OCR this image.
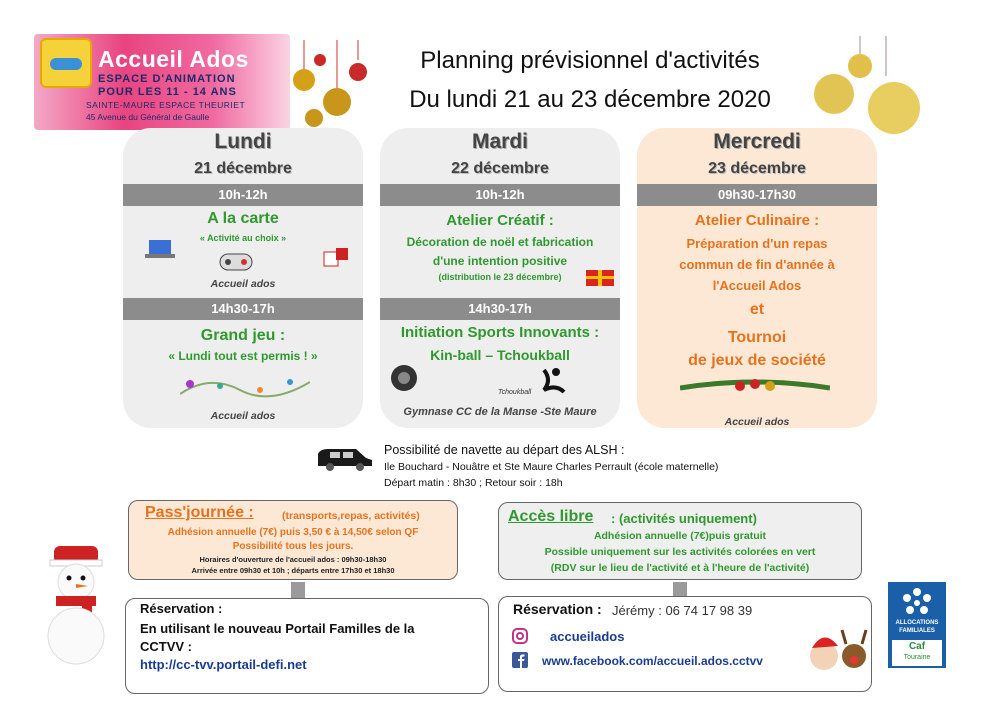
Accueil Ados
ESPACE D'ANIMATION
POUR LES 11 - 14 ANS
SAINTE-MAURE ESPACE THEURIET
45 Avenue du Général de Gaulle
Planning prévisionnel d'activités
Du lundi 21 au 23 décembre 2020
Lundi
21 décembre
10h-12h
A la carte
« Activité au choix »
Accueil ados
14h30-17h
Grand jeu :
« Lundi tout est permis ! »
Accueil ados
Mardi
22 décembre
10h-12h
Atelier Créatif :
Décoration de noël et fabrication
d'une intention positive
(distribution le 23 décembre)
14h30-17h
Initiation Sports Innovants :
Kin-ball – Tchoukball
Tchoukball
Gymnase CC de la Manse -Ste Maure
Mercredi
23 décembre
09h30-17h30
Atelier Culinaire :
Préparation d'un repas
commun de fin d'année à
l'Accueil Ados
et
Tournoi
de jeux de société
Accueil ados
Possibilité de navette au départ des ALSH :
Ile Bouchard - Nouâtre et Ste Maure Charles Perrault (école maternelle)
Départ matin : 8h30 ; Retour soir : 18h
Pass'journée :	(transports,repas, activités)
Adhésion annuelle (7€) puis 3,50 € à 14,50€ selon QF
Possibilité tous les jours.
Horaires d'ouverture de l'accueil ados : 09h30-18h30
Arrivée entre 09h30 et 10h ; départs entre 17h30 et 18h30
Accès libre : (activités uniquement)
Adhésion annuelle (7€)puis gratuit
Possible uniquement sur les activités colorées en vert
(RDV sur le lieu de l'activité et à l'heure de l'activité)
Réservation :
En utilisant le nouveau Portail Familles de la
CCTVV :
http://cc-tvv.portail-defi.net
Réservation : Jérémy : 06 74 17 98 39
accueilados
www.facebook.com/accueil.ados.cctvv
ALLOCATIONS
FAMILIALES
Caf
Touraine
